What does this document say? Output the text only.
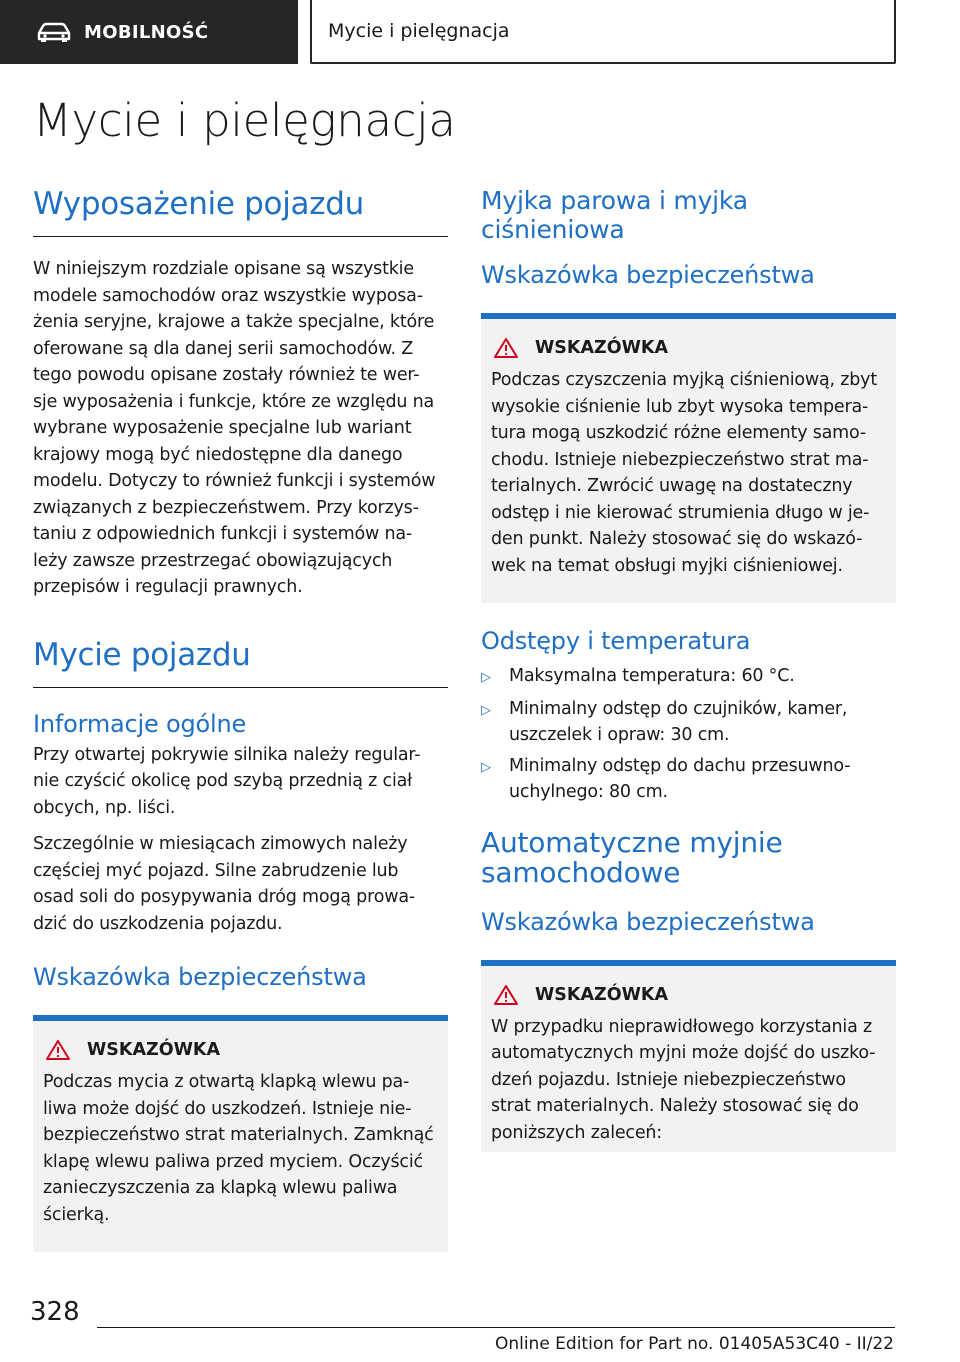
MOBILNOŚĆ	Mycie i pielęgnacja
Mycie i pielęgnacja
Wyposażenie pojazdu
W niniejszym rozdziale opisane są wszystkie
modele samochodów oraz wszystkie wyposa-
żenia seryjne, krajowe a także specjalne, które
oferowane są dla danej serii samochodów. Z
tego powodu opisane zostały również te wer-
sje wyposażenia i funkcje, które ze względu na
wybrane wyposażenie specjalne lub wariant
krajowy mogą być niedostępne dla danego
modelu. Dotyczy to również funkcji i systemów
związanych z bezpieczeństwem. Przy korzys-
taniu z odpowiednich funkcji i systemów na-
leży zawsze przestrzegać obowiązujących
przepisów i regulacji prawnych.
Mycie pojazdu
Informacje ogólne
Przy otwartej pokrywie silnika należy regular-
nie czyścić okolicę pod szybą przednią z ciał
obcych, np. liści.
Szczególnie w miesiącach zimowych należy
częściej myć pojazd. Silne zabrudzenie lub
osad soli do posypywania dróg mogą prowa-
dzić do uszkodzenia pojazdu.
Wskazówka bezpieczeństwa
WSKAZÓWKA
Podczas mycia z otwartą klapką wlewu pa-
liwa może dojść do uszkodzeń. Istnieje nie-
bezpieczeństwo strat materialnych. Zamknąć
klapę wlewu paliwa przed myciem. Oczyścić
zanieczyszczenia za klapką wlewu paliwa
ścierką.
Myjka parowa i myjka ciśnieniowa
Wskazówka bezpieczeństwa
WSKAZÓWKA
Podczas czyszczenia myjką ciśnieniową, zbyt
wysokie ciśnienie lub zbyt wysoka tempera-
tura mogą uszkodzić różne elementy samo-
chodu. Istnieje niebezpieczeństwo strat ma-
terialnych. Zwrócić uwagę na dostateczny
odstęp i nie kierować strumienia długo w je-
den punkt. Należy stosować się do wskazó-
wek na temat obsługi myjki ciśnieniowej.
Odstępy i temperatura
▷	Maksymalna temperatura: 60 °C.
▷	Minimalny odstęp do czujników, kamer,
uszczelek i opraw: 30 cm.
▷	Minimalny odstęp do dachu przesuwno-
uchylnego: 80 cm.
Automatyczne myjnie
samochodowe
Wskazówka bezpieczeństwa
WSKAZÓWKA
W przypadku nieprawidłowego korzystania z
automatycznych myjni może dojść do uszko-
dzeń pojazdu. Istnieje niebezpieczeństwo
strat materialnych. Należy stosować się do
poniższych zaleceń:
328
Online Edition for Part no. 01405A53C40 - II/22
